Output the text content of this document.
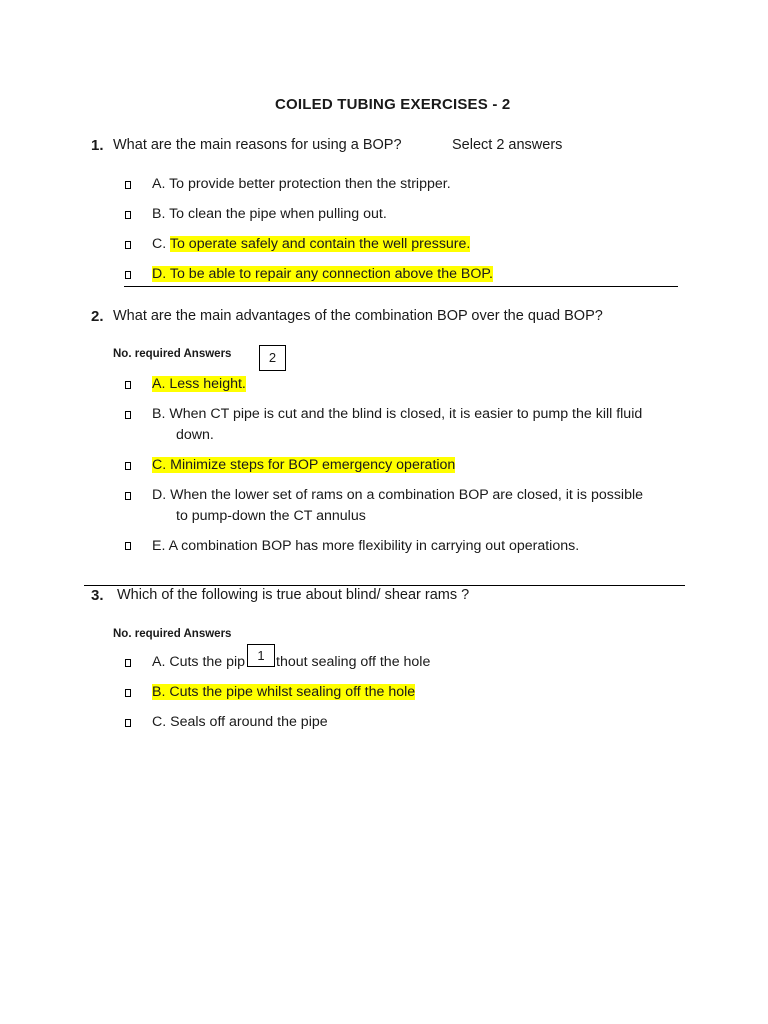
COILED TUBING EXERCISES - 2
1. What are the main reasons for using a BOP?	Select 2 answers
A. To provide better protection then the stripper.
B. To clean the pipe when pulling out.
C. To operate safely and contain the well pressure.
D. To be able to repair any connection above the BOP.
2. What are the main advantages of the combination BOP over the quad BOP?
No. required Answers	2
A. Less height.
B. When CT pipe is cut and the blind is closed, it is easier to pump the kill fluid
down.
C. Minimize steps for BOP emergency operation
D. When the lower set of rams on a combination BOP are closed, it is possible
to pump-down the CT annulus
E. A combination BOP has more flexibility in carrying out operations.
3. Which of the following is true about blind/ shear rams ?
No. required Answers
A. Cuts the pip thout sealing off the hole
1
B. Cuts the pipe whilst sealing off the hole
C. Seals off around the pipe
